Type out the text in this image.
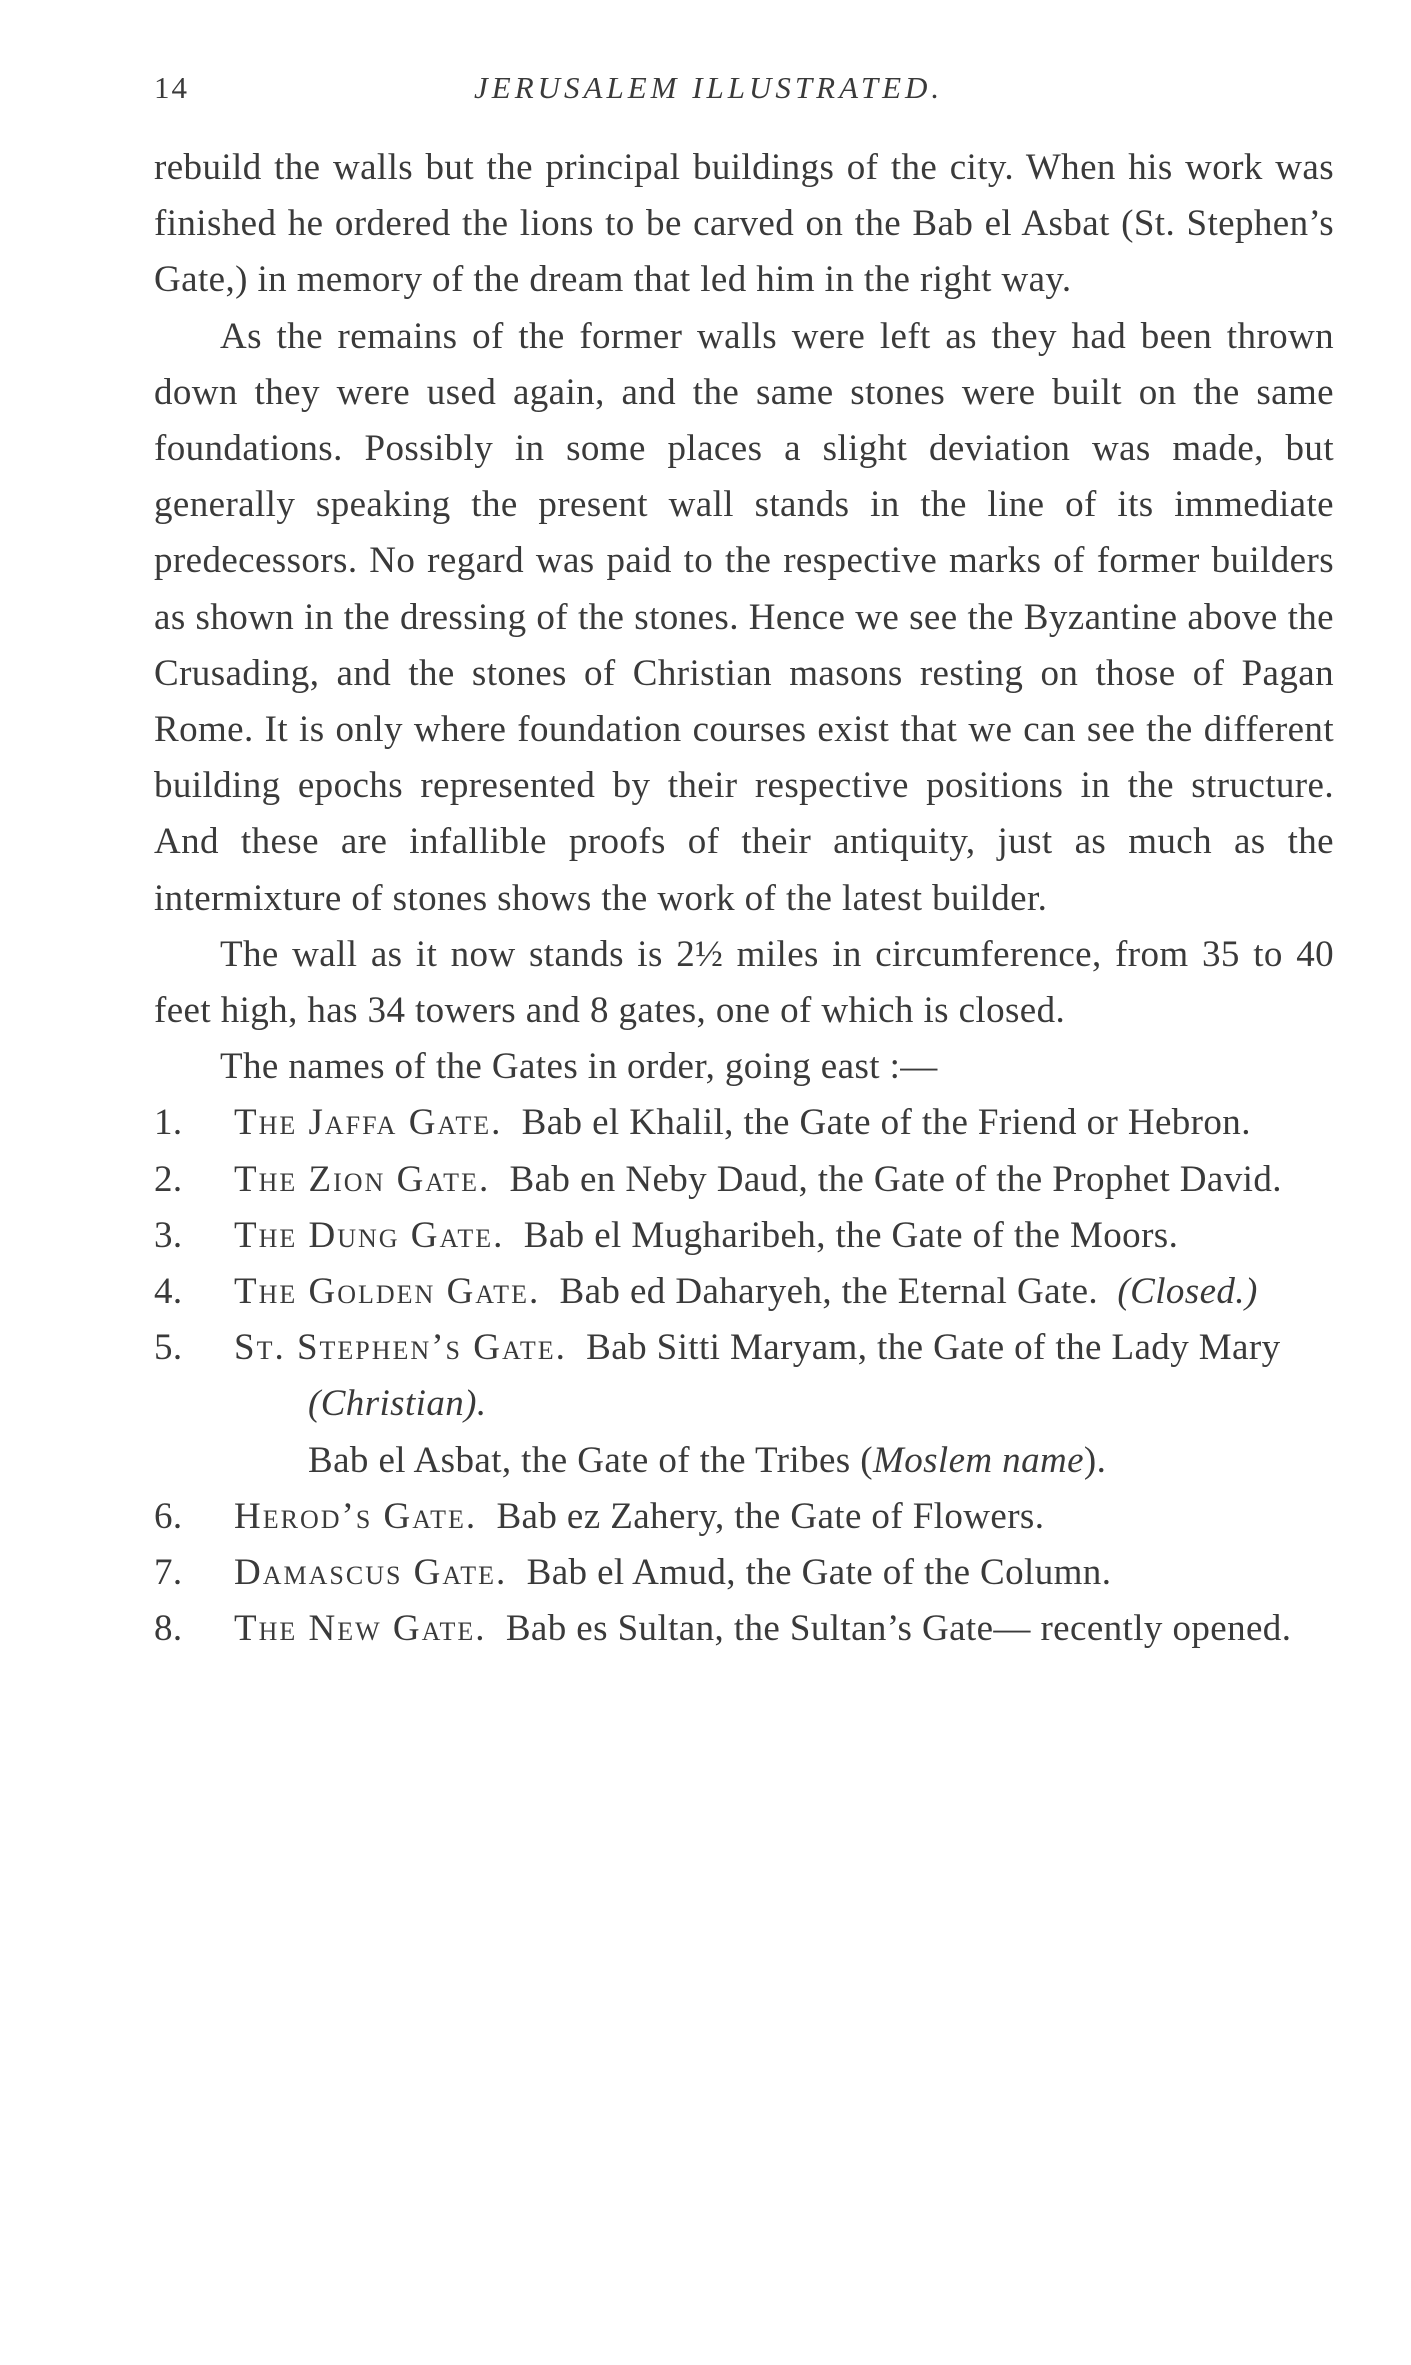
14	JERUSALEM ILLUSTRATED.

rebuild the walls but the principal buildings of the city. When his work was finished he ordered the lions to be carved on the Bab el Asbat (St. Stephen’s Gate,) in memory of the dream that led him in the right way.

As the remains of the former walls were left as they had been thrown down they were used again, and the same stones were built on the same foundations. Possibly in some places a slight deviation was made, but generally speaking the present wall stands in the line of its immediate predecessors. No regard was paid to the respective marks of former builders as shown in the dressing of the stones. Hence we see the Byzantine above the Crusading, and the stones of Christian masons resting on those of Pagan Rome. It is only where foundation courses exist that we can see the different building epochs represented by their respective positions in the structure. And these are infallible proofs of their antiquity, just as much as the intermixture of stones shows the work of the latest builder.

The wall as it now stands is 2½ miles in circumference, from 35 to 40 feet high, has 34 towers and 8 gates, one of which is closed.

The names of the Gates in order, going east :—

1. The Jaffa Gate. Bab el Khalil, the Gate of the Friend or Hebron.
2. The Zion Gate. Bab en Neby Daud, the Gate of the Prophet David.
3. The Dung Gate. Bab el Mugharibeh, the Gate of the Moors.
4. The Golden Gate. Bab ed Daharyeh, the Eternal Gate. (Closed.)
5. St. Stephen’s Gate. Bab Sitti Maryam, the Gate of the Lady Mary (Christian).
Bab el Asbat, the Gate of the Tribes (Moslem name).
6. Herod’s Gate. Bab ez Zahery, the Gate of Flowers.
7. Damascus Gate. Bab el Amud, the Gate of the Column.
8. The New Gate. Bab es Sultan, the Sultan’s Gate— recently opened.
